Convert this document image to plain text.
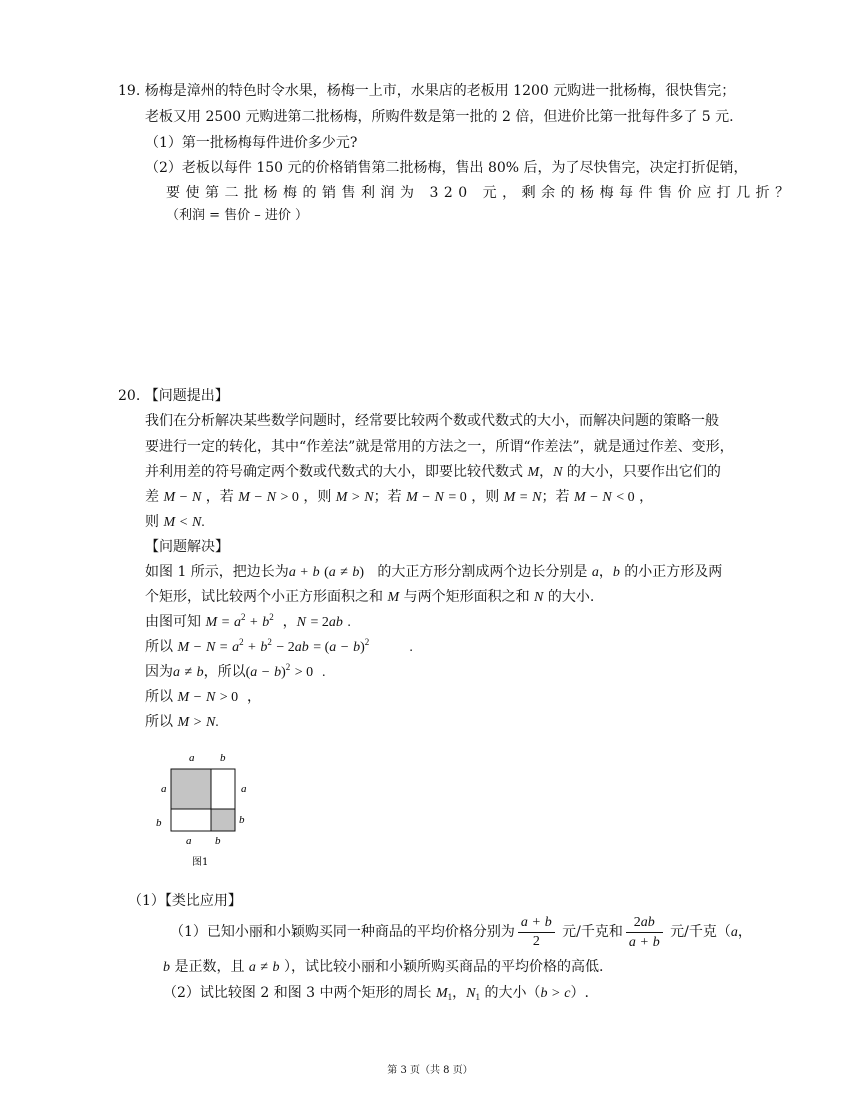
19. 杨梅是漳州的特色时令水果，杨梅一上市，水果店的老板用 1200 元购进一批杨梅，很快售完；
老板又用 2500 元购进第二批杨梅，所购件数是第一批的 2 倍，但进价比第一批每件多了 5 元.
（1）第一批杨梅每件进价多少元?
（2）老板以每件 150 元的价格销售第二批杨梅，售出 80% 后，为了尽快售完，决定打折促销，
要使第二批杨梅的销售利润为 320 元，剩余的杨梅每件售价应打几折？
（利润 = 售价 – 进价 ）
20. 【问题提出】
我们在分析解决某些数学问题时，经常要比较两个数或代数式的大小，而解决问题的策略一般
要进行一定的转化，其中“作差法”就是常用的方法之一，所谓“作差法”，就是通过作差、变形，
并利用差的符号确定两个数或代数式的大小，即要比较代数式 M，N 的大小，只要作出它们的
差 M − N ，若 M − N > 0 ，则 M > N；若 M − N = 0 ，则 M = N；若 M − N < 0 ，
则 M < N.
【问题解决】
如图 1 所示，把边长为a + b (a ≠ b) 的大正方形分割成两个边长分别是 a，b 的小正方形及两
个矩形，试比较两个小正方形面积之和 M 与两个矩形面积之和 N 的大小.
由图可知 $M = a^2 + b^2$  ，N = 2ab .
所以 $M - N = a^2 + b^2 - 2ab = (a - b)^2$	.
因为a ≠ b，所以$(a - b)^2 > 0$ .
所以 M − N > 0  ，
所以 M > N.
a b
a
b
a
b
a b
图1
（1）【类比应用】
（1）已知小丽和小颖购买同一种商品的平均价格分别为 $\frac{a + b}{2}$ 元/千克和 $\frac{2ab}{a + b}$ 元/千克（a，
b 是正数，且 a ≠ b ），试比较小丽和小颖所购买商品的平均价格的高低.
（2）试比较图 2 和图 3 中两个矩形的周长 $M_1$，$N_1$ 的大小（b > c）.
第 3 页（共 8 页）
